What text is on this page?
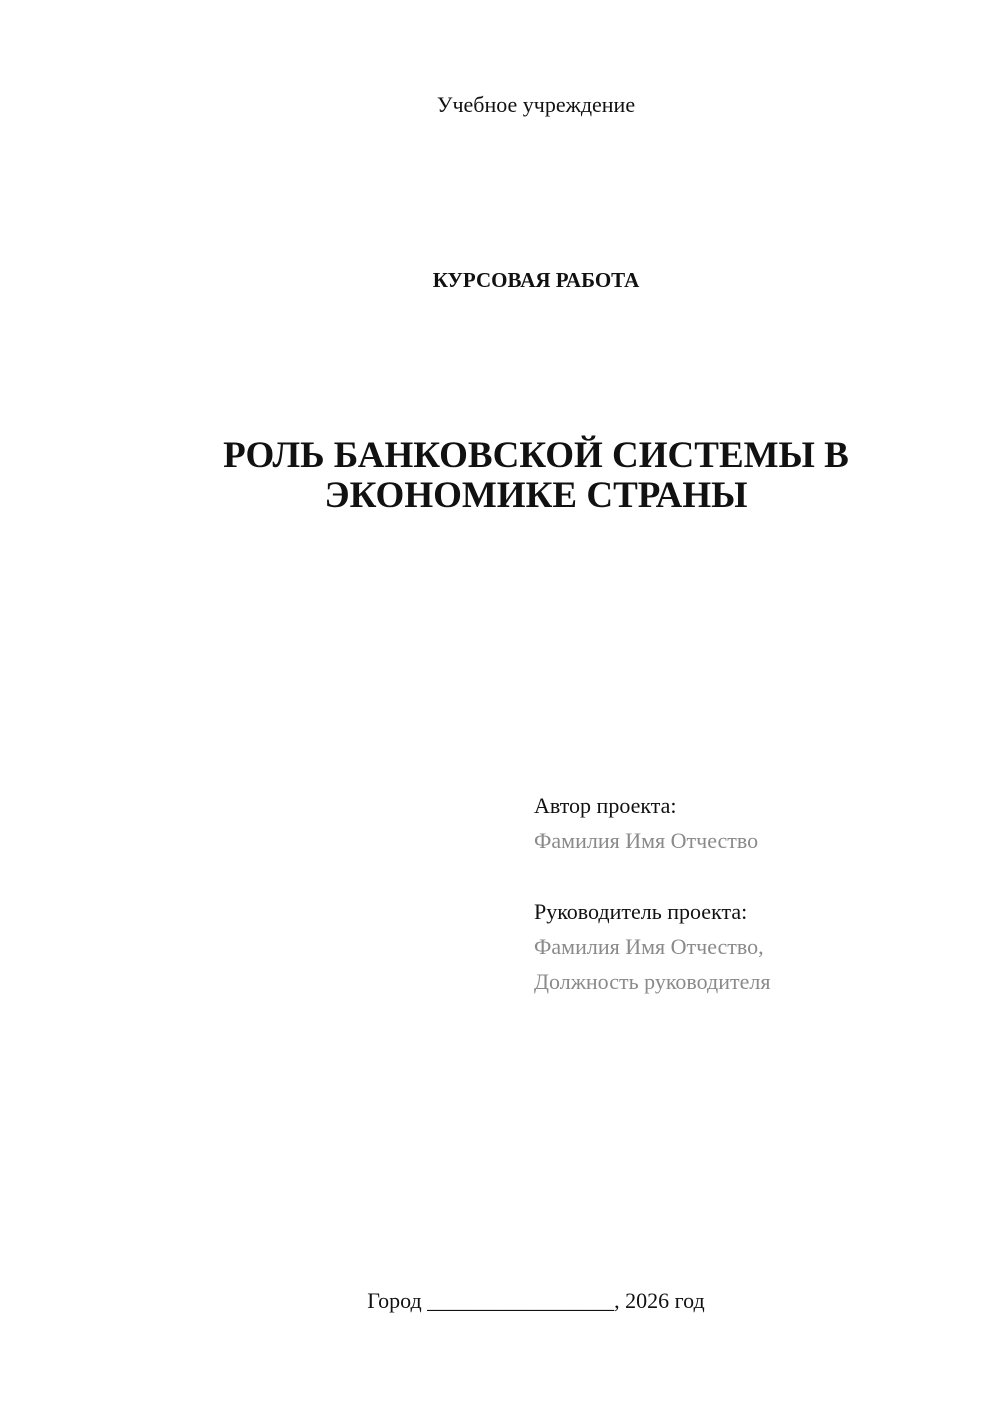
Учебное учреждение
КУРСОВАЯ РАБОТА
РОЛЬ БАНКОВСКОЙ СИСТЕМЫ В
ЭКОНОМИКЕ СТРАНЫ
Автор проекта:
Фамилия Имя Отчество
Руководитель проекта:
Фамилия Имя Отчество,
Должность руководителя
Город _________________, 2026 год
